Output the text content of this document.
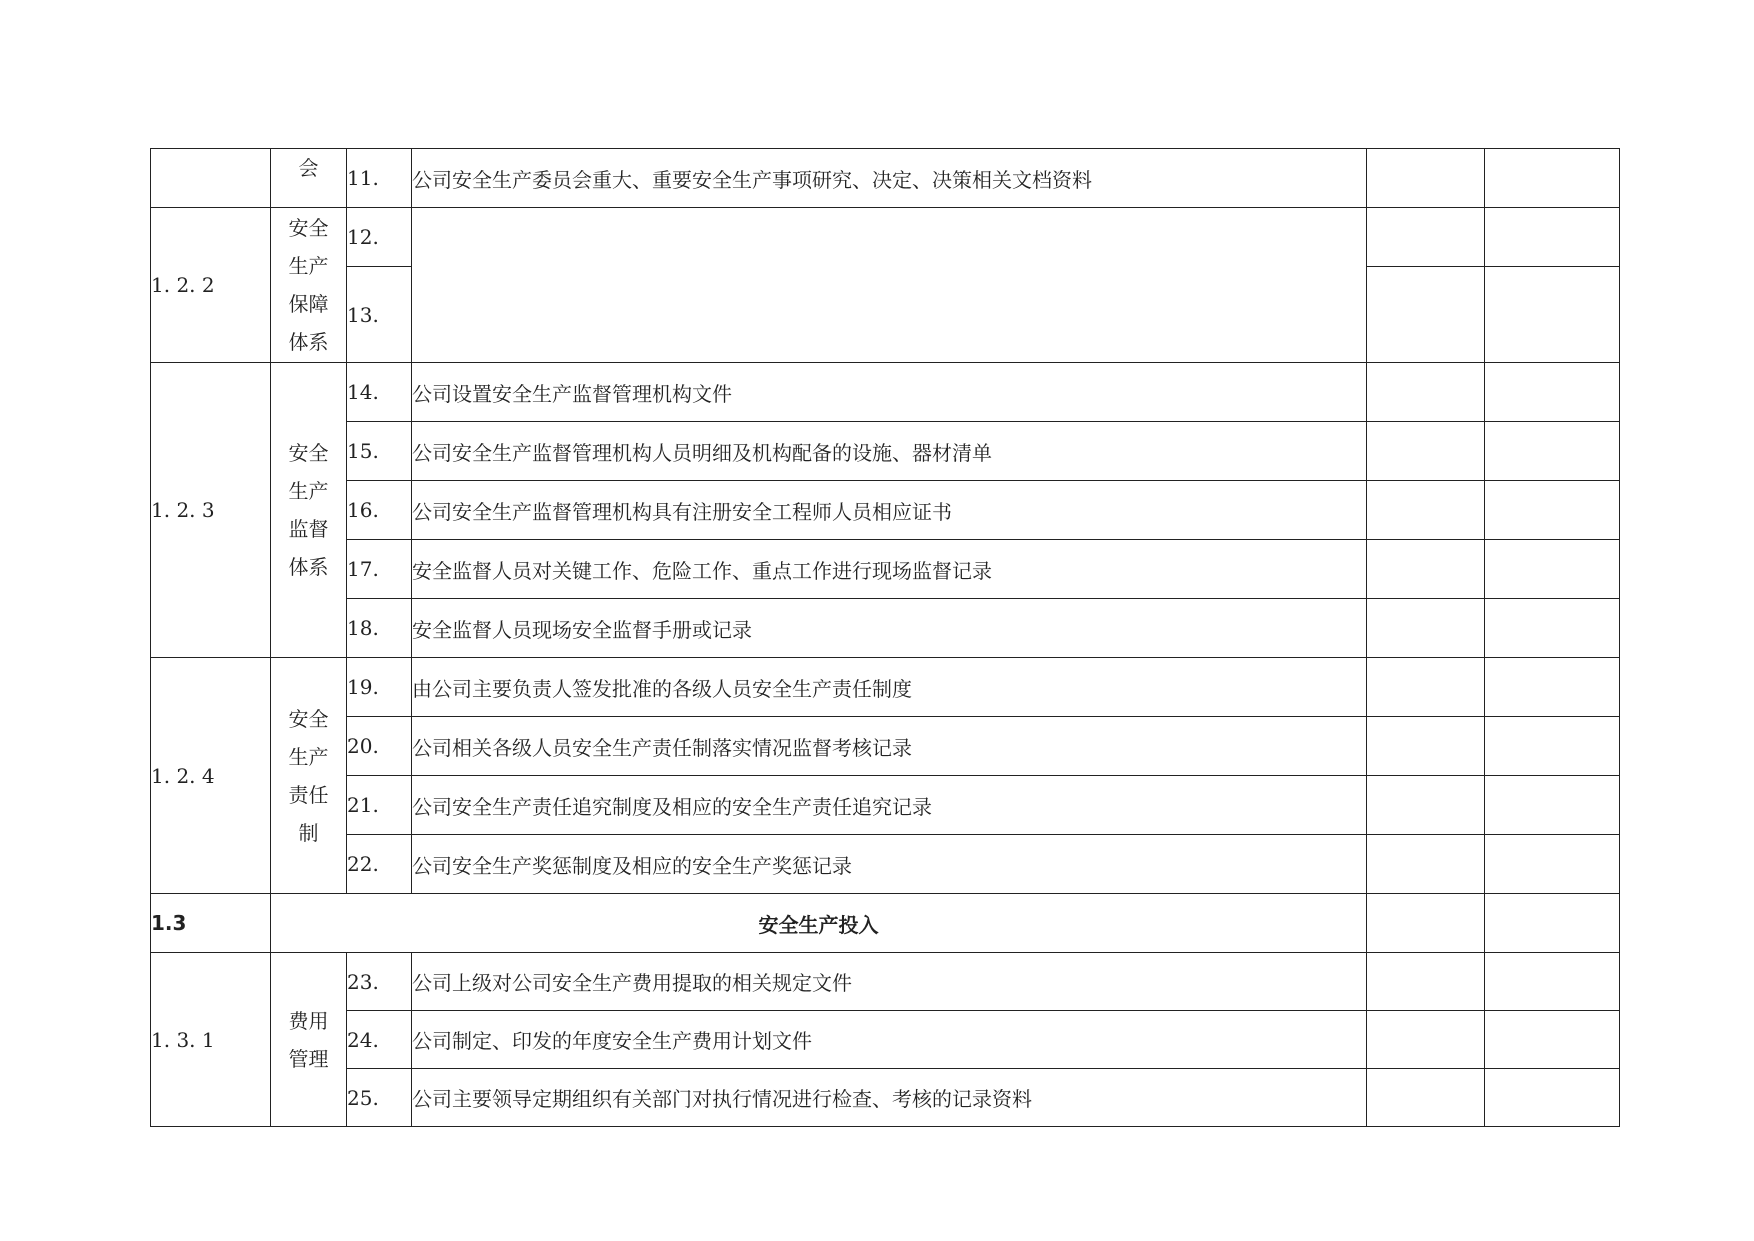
	会	11.	公司安全生产委员会重大、重要安全生产事项研究、决定、决策相关文档资料		
1. 2. 2	安全
生产
保障
体系	12.			
		13.			
1. 2. 3	安全
生产
监督
体系	14.	公司设置安全生产监督管理机构文件		
		15.	公司安全生产监督管理机构人员明细及机构配备的设施、器材清单		
		16.	公司安全生产监督管理机构具有注册安全工程师人员相应证书		
		17.	安全监督人员对关键工作、危险工作、重点工作进行现场监督记录		
		18.	安全监督人员现场安全监督手册或记录		
1. 2. 4	安全
生产
责任
制	19.	由公司主要负责人签发批准的各级人员安全生产责任制度		
		20.	公司相关各级人员安全生产责任制落实情况监督考核记录		
		21.	公司安全生产责任追究制度及相应的安全生产责任追究记录		
		22.	公司安全生产奖惩制度及相应的安全生产奖惩记录		
1.3	安全生产投入				
1. 3. 1	费用
管理	23.	公司上级对公司安全生产费用提取的相关规定文件		
		24.	公司制定、印发的年度安全生产费用计划文件		
		25.	公司主要领导定期组织有关部门对执行情况进行检查、考核的记录资料		
